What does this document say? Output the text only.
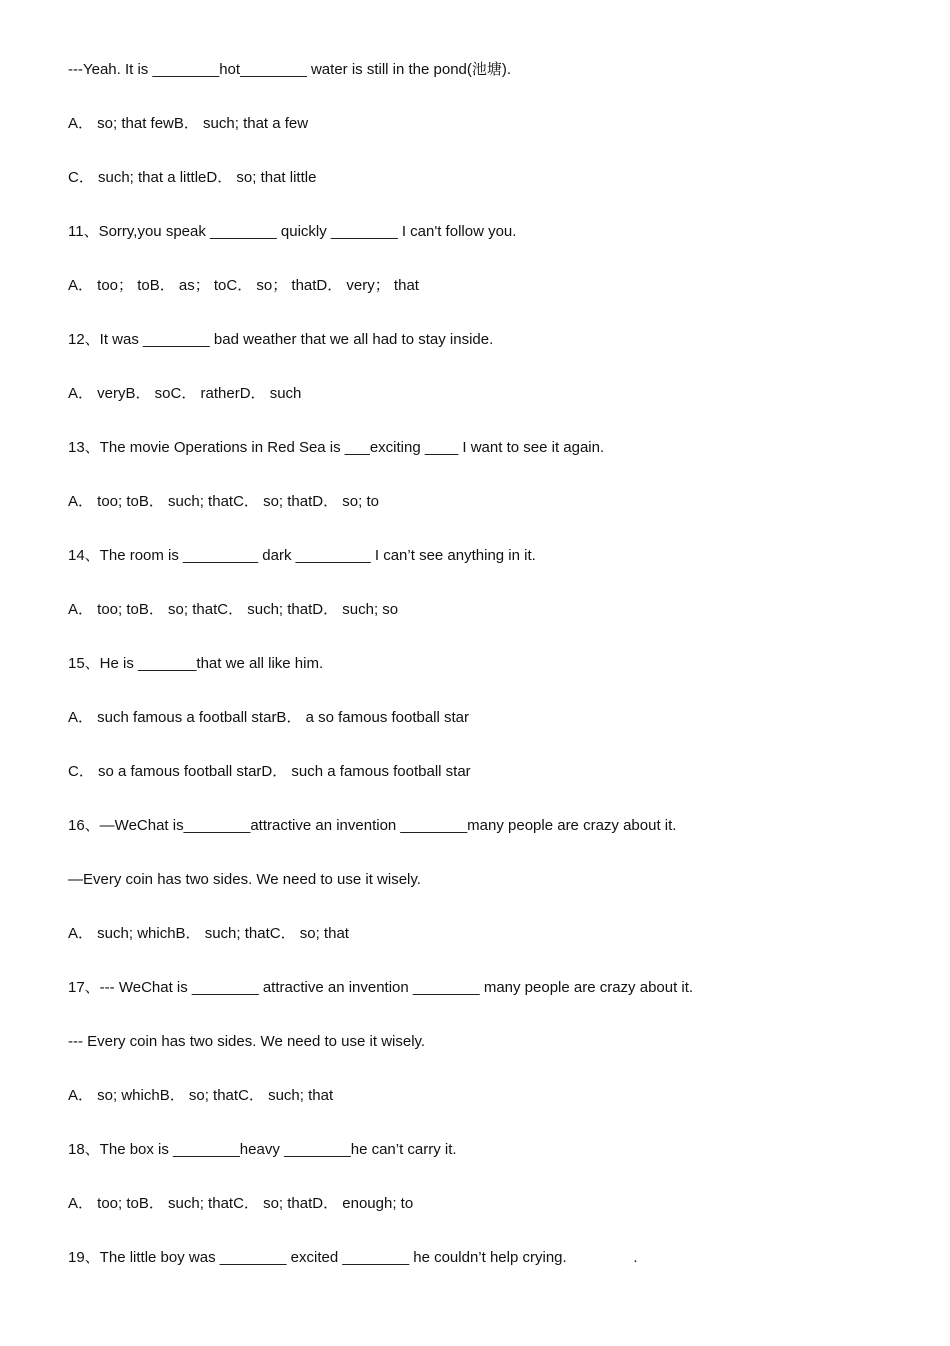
---Yeah. It is ________hot________ water is still in the pond(池塘).
A． so; that fewB． such; that a few
C． such; that a littleD． so; that little
11、Sorry,you speak ________ quickly ________ I can't follow you.
A． too； toB． as； toC． so； thatD． very； that
12、It was ________ bad weather that we all had to stay inside.
A． veryB． soC． ratherD． such
13、The movie Operations in Red Sea is ___exciting ____ I want to see it again.
A． too; toB． such; thatC． so; thatD． so; to
14、The room is _________ dark _________ I can’t see anything in it.
A． too; toB． so; thatC． such; thatD． such; so
15、He is _______that we all like him.
A． such famous a football starB． a so famous football star
C． so a famous football starD． such a famous football star
16、—WeChat is________attractive an invention ________many people are crazy about it.
—Every coin has two sides. We need to use it wisely.
A． such; whichB． such; thatC． so; that
17、--- WeChat is ________ attractive an invention ________ many people are crazy about it.
--- Every coin has two sides. We need to use it wisely.
A． so; whichB． so; thatC． such; that
18、The box is ________heavy ________he can’t carry it.
A． too; toB． such; thatC． so; thatD． enough; to
19、The little boy was ________ excited ________ he couldn’t help crying.                .
